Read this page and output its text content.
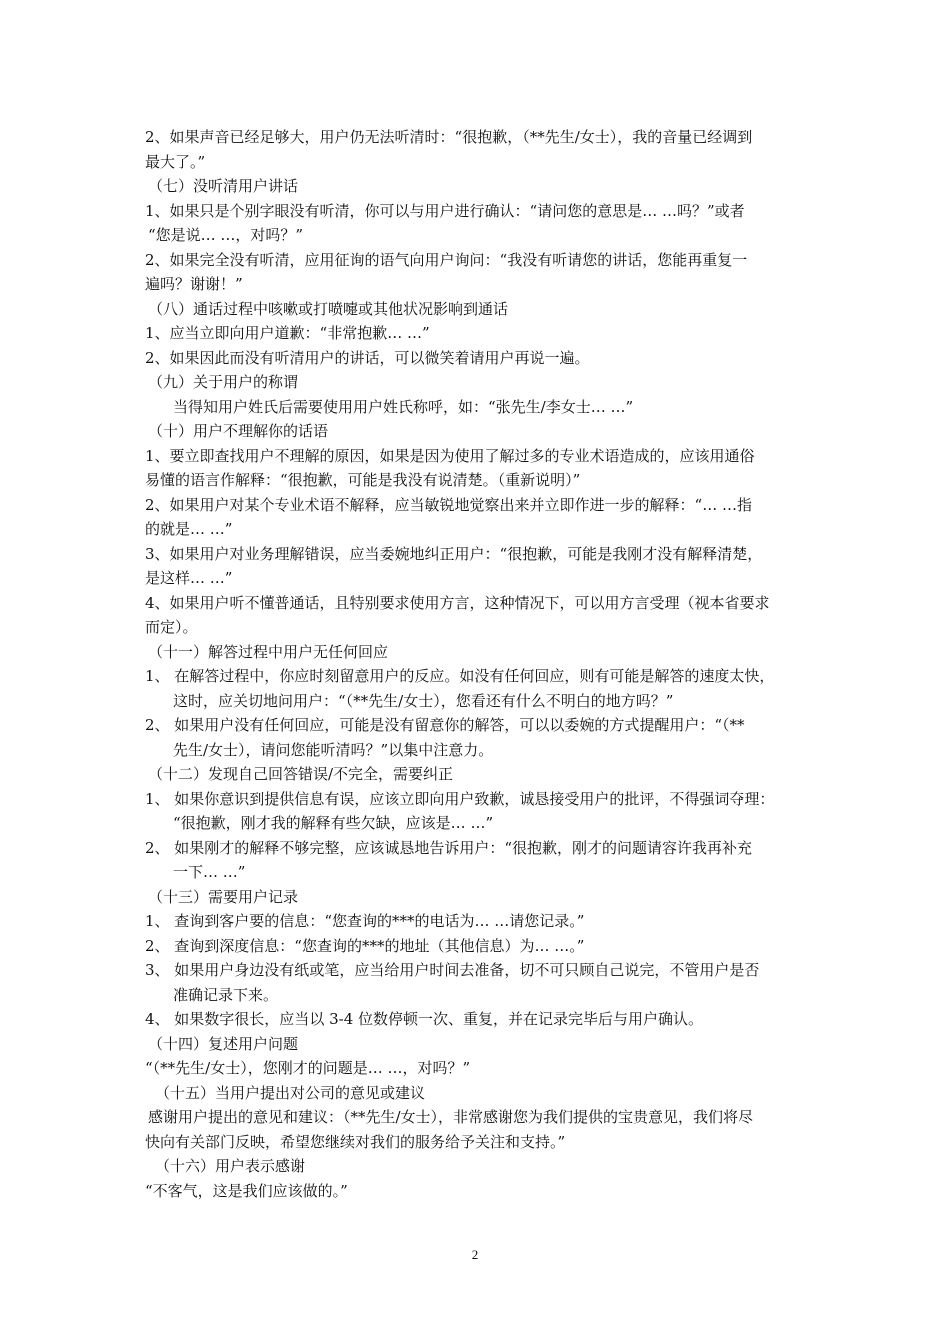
2、如果声音已经足够大，用户仍无法听清时：“很抱歉，（**先生/女士），我的音量已经调到
最大了。”
（七）没听清用户讲话
1、如果只是个别字眼没有听清，你可以与用户进行确认：“请问您的意思是… …吗？”或者
“您是说… …，对吗？”
2、如果完全没有听清，应用征询的语气向用户询问：“我没有听请您的讲话，您能再重复一
遍吗？谢谢！”
（八）通话过程中咳嗽或打喷嚏或其他状况影响到通话
1、应当立即向用户道歉：“非常抱歉… …”
2、如果因此而没有听清用户的讲话，可以微笑着请用户再说一遍。
（九）关于用户的称谓
当得知用户姓氏后需要使用用户姓氏称呼，如：“张先生/李女士… …”
（十）用户不理解你的话语
1、要立即查找用户不理解的原因，如果是因为使用了解过多的专业术语造成的，应该用通俗
易懂的语言作解释：“很抱歉，可能是我没有说清楚。（重新说明）”
2、如果用户对某个专业术语不解释，应当敏锐地觉察出来并立即作进一步的解释：“… …指
的就是… …”
3、如果用户对业务理解错误，应当委婉地纠正用户：“很抱歉，可能是我刚才没有解释清楚，
是这样… …”
4、如果用户听不懂普通话，且特别要求使用方言，这种情况下，可以用方言受理（视本省要求
而定）。
（十一）解答过程中用户无任何回应
1、 在解答过程中，你应时刻留意用户的反应。如没有任何回应，则有可能是解答的速度太快，
这时，应关切地问用户：“（**先生/女士），您看还有什么不明白的地方吗？”
2、 如果用户没有任何回应，可能是没有留意你的解答，可以以委婉的方式提醒用户：“（**
先生/女士），请问您能听清吗？”以集中注意力。
（十二）发现自己回答错误/不完全，需要纠正
1、 如果你意识到提供信息有误，应该立即向用户致歉，诚恳接受用户的批评，不得强词夺理：
“很抱歉，刚才我的解释有些欠缺，应该是… …”
2、 如果刚才的解释不够完整，应该诚恳地告诉用户：“很抱歉，刚才的问题请容许我再补充
一下… …”
（十三）需要用户记录
1、 查询到客户要的信息：“您查询的***的电话为… …请您记录。”
2、 查询到深度信息：“您查询的***的地址（其他信息）为… …。”
3、 如果用户身边没有纸或笔，应当给用户时间去准备，切不可只顾自己说完，不管用户是否
准确记录下来。
4、 如果数字很长，应当以 3-4 位数停顿一次、重复，并在记录完毕后与用户确认。
（十四）复述用户问题
“（**先生/女士），您刚才的问题是… …，对吗？”
（十五）当用户提出对公司的意见或建议
感谢用户提出的意见和建议：（**先生/女士），非常感谢您为我们提供的宝贵意见，我们将尽
快向有关部门反映，希望您继续对我们的服务给予关注和支持。”
（十六）用户表示感谢
“不客气，这是我们应该做的。”
2
